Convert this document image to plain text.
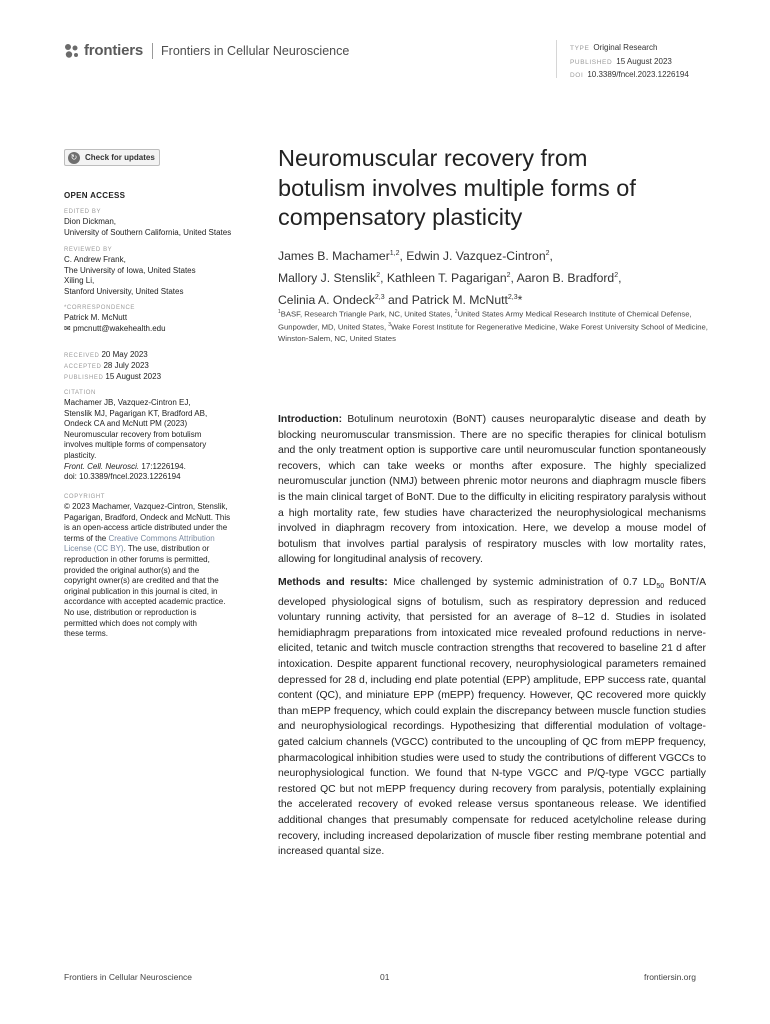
frontiers Frontiers in Cellular Neuroscience	TYPE Original Research
PUBLISHED 15 August 2023
DOI 10.3389/fncel.2023.1226194
↻ Check for updates
OPEN ACCESS
EDITED BY
Dion Dickman,
University of Southern California, United States
REVIEWED BY
C. Andrew Frank,
The University of Iowa, United States
Xiling Li,
Stanford University, United States
*CORRESPONDENCE
Patrick M. McNutt
✉ pmcnutt@wakehealth.edu
RECEIVED 20 May 2023
ACCEPTED 28 July 2023
PUBLISHED 15 August 2023
CITATION
Machamer JB, Vazquez-Cintron EJ,
Stenslik MJ, Pagarigan KT, Bradford AB,
Ondeck CA and McNutt PM (2023)
Neuromuscular recovery from botulism
involves multiple forms of compensatory
plasticity.
Front. Cell. Neurosci. 17:1226194.
doi: 10.3389/fncel.2023.1226194
COPYRIGHT
© 2023 Machamer, Vazquez-Cintron, Stenslik,
Pagarigan, Bradford, Ondeck and McNutt. This
is an open-access article distributed under the
terms of the Creative Commons Attribution
License (CC BY). The use, distribution or
reproduction in other forums is permitted,
provided the original author(s) and the
copyright owner(s) are credited and that the
original publication in this journal is cited, in
accordance with accepted academic practice.
No use, distribution or reproduction is
permitted which does not comply with
these terms.
Neuromuscular recovery from botulism involves multiple forms of compensatory plasticity
James B. Machamer$^{1,2}$, Edwin J. Vazquez-Cintron$^2$,
Mallory J. Stenslik$^2$, Kathleen T. Pagarigan$^2$, Aaron B. Bradford$^2$,
Celinia A. Ondeck$^{2,3}$ and Patrick M. McNutt$^{2,3}$*
$^1$BASF, Research Triangle Park, NC, United States, $^2$United States Army Medical Research Institute of Chemical Defense, Gunpowder, MD, United States, $^3$Wake Forest Institute for Regenerative Medicine, Wake Forest University School of Medicine, Winston-Salem, NC, United States

Introduction: Botulinum neurotoxin (BoNT) causes neuroparalytic disease and death by blocking neuromuscular transmission. There are no specific therapies for clinical botulism and the only treatment option is supportive care until neuromuscular function spontaneously recovers, which can take weeks or months after exposure. The highly specialized neuromuscular junction (NMJ) between phrenic motor neurons and diaphragm muscle fibers is the main clinical target of BoNT. Due to the difficulty in eliciting respiratory paralysis without a high mortality rate, few studies have characterized the neurophysiological mechanisms involved in diaphragm recovery from intoxication. Here, we develop a mouse model of botulism that involves partial paralysis of respiratory muscles with low mortality rates, allowing for longitudinal analysis of recovery.

Methods and results: Mice challenged by systemic administration of 0.7 $LD_{50}$ BoNT/A developed physiological signs of botulism, such as respiratory depression and reduced voluntary running activity, that persisted for an average of 8–12 d. Studies in isolated hemidiaphragm preparations from intoxicated mice revealed profound reductions in nerve-elicited, tetanic and twitch muscle contraction strengths that recovered to baseline 21 d after intoxication. Despite apparent functional recovery, neurophysiological parameters remained depressed for 28 d, including end plate potential (EPP) amplitude, EPP success rate, quantal content (QC), and miniature EPP (mEPP) frequency. However, QC recovered more quickly than mEPP frequency, which could explain the discrepancy between muscle function studies and neurophysiological recordings. Hypothesizing that differential modulation of voltage-gated calcium channels (VGCC) contributed to the uncoupling of QC from mEPP frequency, pharmacological inhibition studies were used to study the contributions of different VGCCs to neurophysiological function. We found that N-type VGCC and P/Q-type VGCC partially restored QC but not mEPP frequency during recovery from paralysis, potentially explaining the accelerated recovery of evoked release versus spontaneous release. We identified additional changes that presumably compensate for reduced acetylcholine release during recovery, including increased depolarization of muscle fiber resting membrane potential and increased quantal size.

Frontiers in Cellular Neuroscience	01	frontiersin.org
